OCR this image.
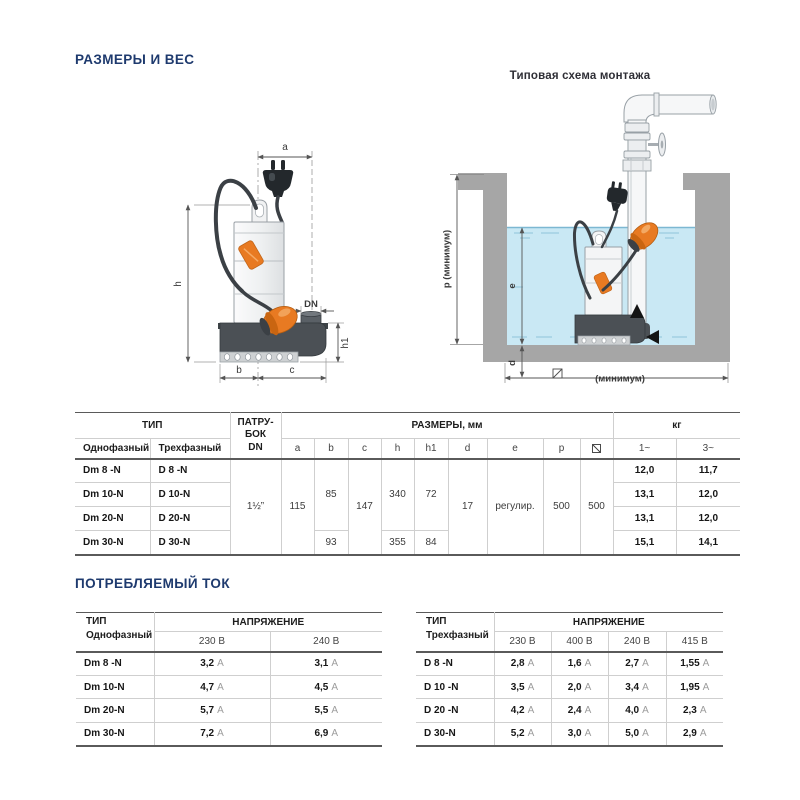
РАЗМЕРЫ И ВЕС
Типовая схема монтажа
a
h
DN
h1
b	c
p (минимум)	e
d
(минимум)
ТИП		ПАТРУ-БОК
DN	РАЗМЕРЫ, мм									кг	
Однофазный	Трехфазный		a	b	c	h	h1	d	e	p		1~	3~
Dm 8 -N	D 8 -N	1½”	115	85	147	340	72	17	регулир.	500	500	12,0	11,7
Dm 10-N	D 10-N											13,1	12,0
Dm 20-N	D 20-N											13,1	12,0
Dm 30-N	D 30-N			93		355	84					15,1	14,1
ПОТРЕБЛЯЕМЫЙ ТОК
ТИП
Однофазный	НАПРЯЖЕНИЕ	
	230 В	240 В
Dm 8 -N	3,2 A	3,1 A
Dm 10-N	4,7 A	4,5 A
Dm 20-N	5,7 A	5,5 A
Dm 30-N	7,2 A	6,9 A
ТИП
Трехфазный	НАПРЯЖЕНИЕ			
	230 В	400 В	240 В	415 В
D 8 -N	2,8 A	1,6 A	2,7 A	1,55 A
D 10 -N	3,5 A	2,0 A	3,4 A	1,95 A
D 20 -N	4,2 A	2,4 A	4,0 A	2,3 A
D 30-N	5,2 A	3,0 A	5,0 A	2,9 A
